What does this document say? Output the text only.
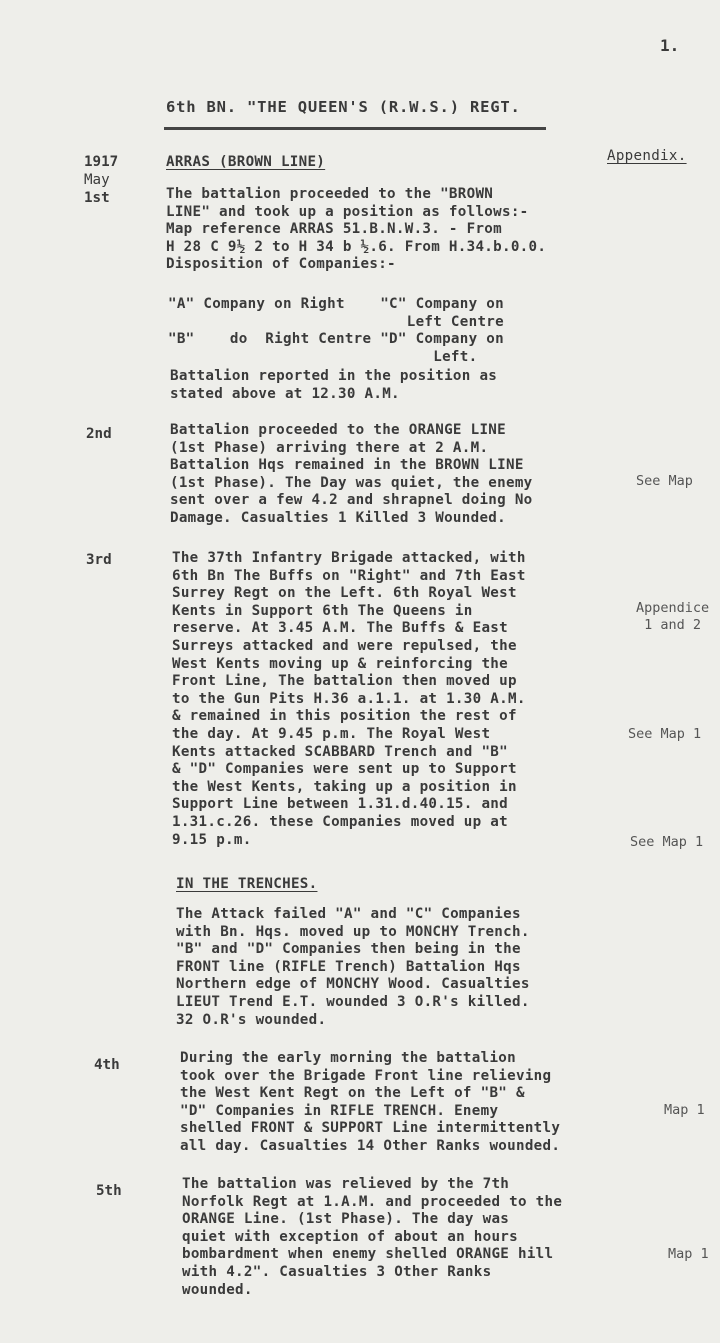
1.
6th BN. "THE QUEEN'S (R.W.S.) REGT.
1917
May
1st
ARRAS (BROWN LINE)	Appendix.
The battalion proceeded to the "BROWN
LINE" and took up a position as follows:-
Map reference ARRAS 51.B.N.W.3. - From
H 28 C 9½ 2 to H 34 b ½.6. From H.34.b.0.0.
Disposition of Companies:-
"A" Company on Right    "C" Company on
Left Centre
"B"    do  Right Centre "D" Company on
Left.
Battalion reported in the position as
stated above at 12.30 A.M.
2nd	Battalion proceeded to the ORANGE LINE
(1st Phase) arriving there at 2 A.M.
Battalion Hqs remained in the BROWN LINE
(1st Phase). The Day was quiet, the enemy
sent over a few 4.2 and shrapnel doing No
Damage. Casualties 1 Killed 3 Wounded.
See Map
3rd	The 37th Infantry Brigade attacked, with
6th Bn The Buffs on "Right" and 7th East
Surrey Regt on the Left. 6th Royal West
Kents in Support 6th The Queens in
reserve. At 3.45 A.M. The Buffs & East
Surreys attacked and were repulsed, the
West Kents moving up & reinforcing the
Front Line, The battalion then moved up
to the Gun Pits H.36 a.1.1. at 1.30 A.M.
& remained in this position the rest of
the day. At 9.45 p.m. The Royal West
Kents attacked SCABBARD Trench and "B"
& "D" Companies were sent up to Support
the West Kents, taking up a position in
Support Line between 1.31.d.40.15. and
1.31.c.26. these Companies moved up at
9.15 p.m.
Appendice
1 and 2
See Map 1
See Map 1
IN THE TRENCHES.
The Attack failed "A" and "C" Companies
with Bn. Hqs. moved up to MONCHY Trench.
"B" and "D" Companies then being in the
FRONT line (RIFLE Trench) Battalion Hqs
Northern edge of MONCHY Wood. Casualties
LIEUT Trend E.T. wounded 3 O.R's killed.
32 O.R's wounded.
4th	During the early morning the battalion
took over the Brigade Front line relieving
the West Kent Regt on the Left of "B" &
"D" Companies in RIFLE TRENCH. Enemy
shelled FRONT & SUPPORT Line intermittently
all day. Casualties 14 Other Ranks wounded.
Map 1
5th	The battalion was relieved by the 7th
Norfolk Regt at 1.A.M. and proceeded to the
ORANGE Line. (1st Phase). The day was
quiet with exception of about an hours
bombardment when enemy shelled ORANGE hill
with 4.2". Casualties 3 Other Ranks
wounded.
Map 1
